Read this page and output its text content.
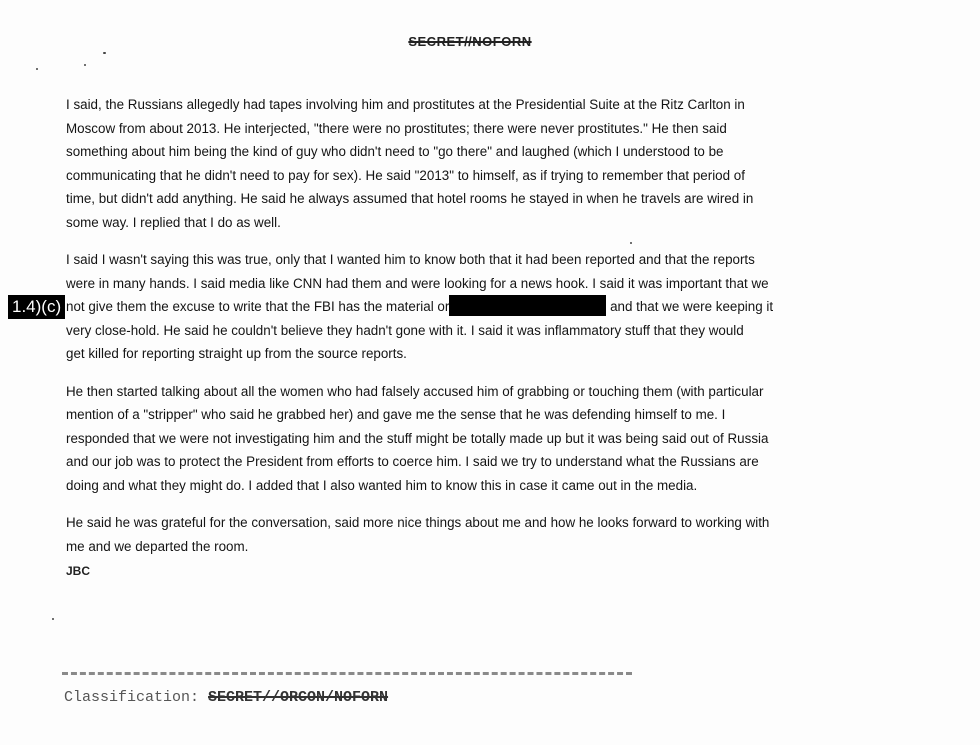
SECRET//NOFORN
I said, the Russians allegedly had tapes involving him and prostitutes at the Presidential Suite at the Ritz Carlton in
Moscow from about 2013. He interjected, "there were no prostitutes; there were never prostitutes." He then said
something about him being the kind of guy who didn't need to "go there" and laughed (which I understood to be
communicating that he didn't need to pay for sex). He said "2013" to himself, as if trying to remember that period of
time, but didn't add anything. He said he always assumed that hotel rooms he stayed in when he travels are wired in
some way. I replied that I do as well.
I said I wasn't saying this was true, only that I wanted him to know both that it had been reported and that the reports
were in many hands. I said media like CNN had them and were looking for a news hook. I said it was important that we
not give them the excuse to write that the FBI has the material or	and that we were keeping it
very close-hold. He said he couldn't believe they hadn't gone with it. I said it was inflammatory stuff that they would
get killed for reporting straight up from the source reports.
He then started talking about all the women who had falsely accused him of grabbing or touching them (with particular
mention of a "stripper" who said he grabbed her) and gave me the sense that he was defending himself to me. I
responded that we were not investigating him and the stuff might be totally made up but it was being said out of Russia
and our job was to protect the President from efforts to coerce him. I said we try to understand what the Russians are
doing and what they might do. I added that I also wanted him to know this in case it came out in the media.
He said he was grateful for the conversation, said more nice things about me and how he looks forward to working with
me and we departed the room.
1.4)(c)
JBC
Classification: SECRET//ORCON/NOFORN
